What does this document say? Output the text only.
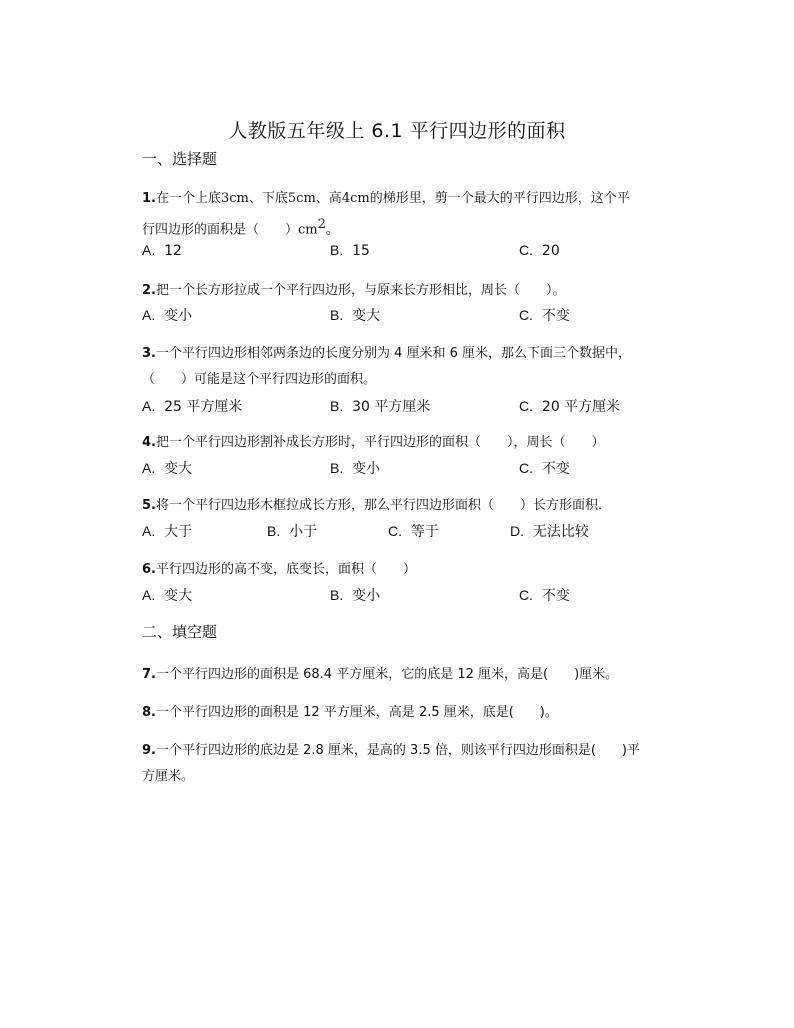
人教版五年级上 6.1 平行四边形的面积
一、选择题
1.在一个上底3cm、下底5cm、高4cm的梯形里，剪一个最大的平行四边形，这个平
行四边形的面积是（　　）$cm^2$。
A. 12	B. 15	C. 20
2.把一个长方形拉成一个平行四边形，与原来长方形相比，周长（　　）。
A. 变小	B. 变大	C. 不变
3.一个平行四边形相邻两条边的长度分别为 4 厘米和 6 厘米，那么下面三个数据中，
（　　）可能是这个平行四边形的面积。
A. 25 平方厘米	B. 30 平方厘米	C. 20 平方厘米
4.把一个平行四边形割补成长方形时，平行四边形的面积（　　），周长（　　）
A. 变大	B. 变小	C. 不变
5.将一个平行四边形木框拉成长方形，那么平行四边形面积（　　）长方形面积．
A. 大于	B. 小于	C. 等于	D. 无法比较
6.平行四边形的高不变，底变长，面积（　　）
A. 变大	B. 变小	C. 不变
二、填空题
7.一个平行四边形的面积是 68.4 平方厘米，它的底是 12 厘米，高是(　　)厘米。
8.一个平行四边形的面积是 12 平方厘米，高是 2.5 厘米，底是(　　)。
9.一个平行四边形的底边是 2.8 厘米，是高的 3.5 倍，则该平行四边形面积是(　　)平
方厘米。
